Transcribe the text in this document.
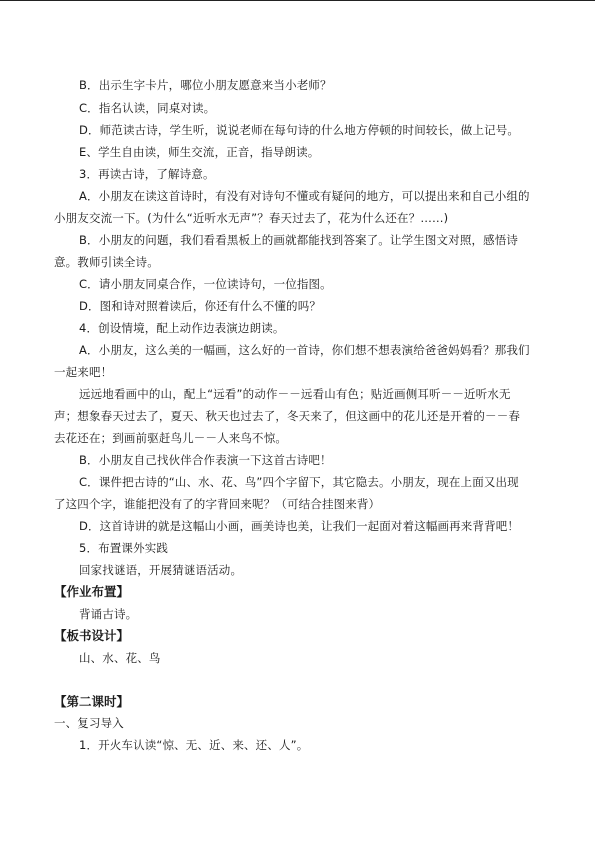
B．出示生字卡片，哪位小朋友愿意来当小老师？
C．指名认读，同桌对读。
D．师范读古诗，学生听，说说老师在每句诗的什么地方停顿的时间较长，做上记号。
E、学生自由读，师生交流，正音，指导朗读。
3．再读古诗，了解诗意。
A．小朋友在读这首诗时，有没有对诗句不懂或有疑问的地方，可以提出来和自己小组的
小朋友交流一下。(为什么“近听水无声”？春天过去了，花为什么还在？……)
B．小朋友的问题，我们看看黑板上的画就都能找到答案了。让学生图文对照，感悟诗
意。教师引读全诗。
C．请小朋友同桌合作，一位读诗句，一位指图。
D．图和诗对照着读后，你还有什么不懂的吗？
4．创设情境，配上动作边表演边朗读。
A．小朋友，这么美的一幅画，这么好的一首诗，你们想不想表演给爸爸妈妈看？那我们
一起来吧！
远远地看画中的山，配上“远看”的动作－－远看山有色；贴近画侧耳听－－近听水无
声；想象春天过去了，夏天、秋天也过去了，冬天来了，但这画中的花儿还是开着的－－春
去花还在；到画前驱赶鸟儿－－人来鸟不惊。
B．小朋友自己找伙伴合作表演一下这首古诗吧！
C．课件把古诗的“山、水、花、鸟”四个字留下，其它隐去。小朋友，现在上面又出现
了这四个字，谁能把没有了的字背回来呢？（可结合挂图来背）
D．这首诗讲的就是这幅山小画，画美诗也美，让我们一起面对着这幅画再来背背吧！
5．布置课外实践
回家找谜语，开展猜谜语活动。
【作业布置】
背诵古诗。
【板书设计】
山、水、花、鸟
【第二课时】
一、复习导入
1．开火车认读“惊、无、近、来、还、人”。
